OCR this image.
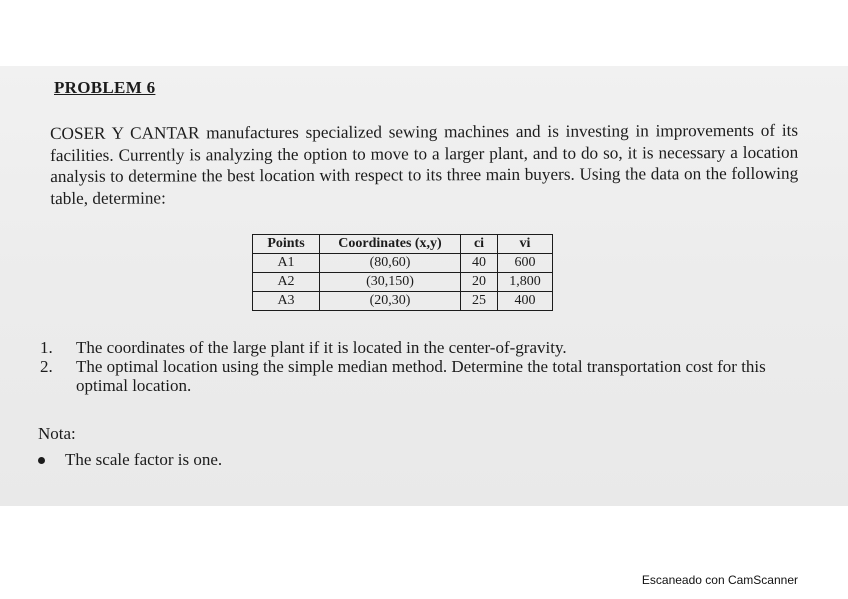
PROBLEM 6
COSER Y CANTAR manufactures specialized sewing machines and is investing in improvements of its facilities. Currently is analyzing the option to move to a larger plant, and to do so, it is necessary a location analysis to determine the best location with respect to its three main buyers. Using the data on the following table, determine:
Points	Coordinates (x,y)	ci	vi
A1	(80,60)	40	600
A2	(30,150)	20	1,800
A3	(20,30)	25	400
1.	The coordinates of the large plant if it is located in the center-of-gravity.
2.	The optimal location using the simple median method. Determine the total transportation cost for this optimal location.
Nota:
The scale factor is one.
Escaneado con CamScanner
